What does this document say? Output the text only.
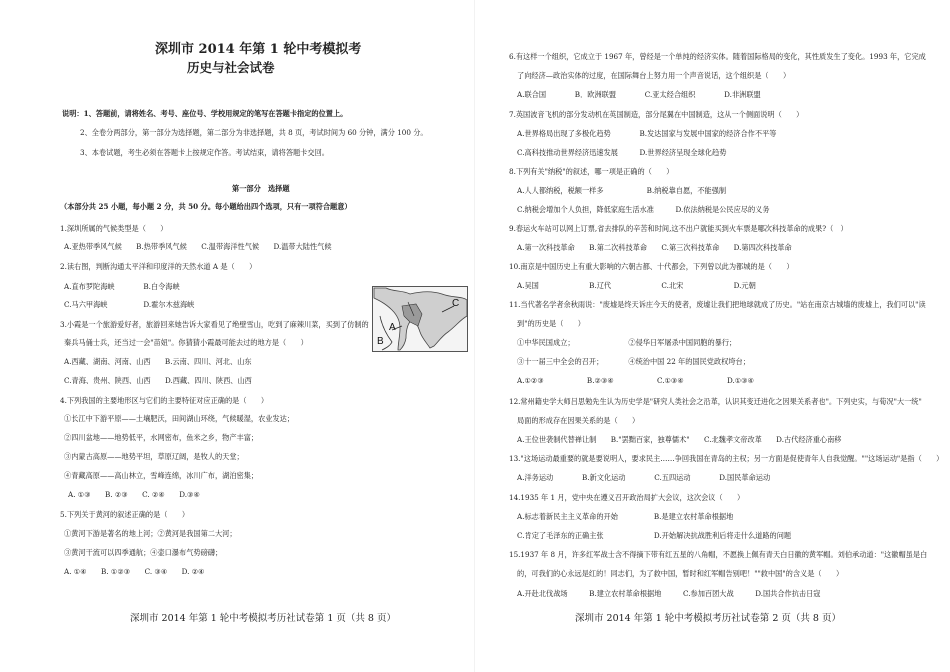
深圳市 2014 年第 1 轮中考模拟考
历史与社会试卷
说明：1、答题前，请将姓名、考号、座位号、学校用规定的笔写在答题卡指定的位置上。
2、全卷分两部分，第一部分为选择题，第二部分为非选择题，共 8 页，考试时间为 60 分钟，满分 100 分。
3、本卷试题，考生必须在答题卡上按规定作答。考试结束，请将答题卡交回。
第一部分　选择题
（本部分共 25 小题，每小题 2 分，共 50 分。每小题给出四个选项，只有一项符合题意）
1.深圳所属的气候类型是（　　）
A.亚热带季风气候　　B.热带季风气候　　C.温带海洋性气候　　D.温带大陆性气候
2.读右图，判断沟通太平洋和印度洋的天然水道 A 是（　　）
A.直布罗陀海峡　　　　B.白令海峡
C.马六甲海峡　　　　　D.霍尔木兹海峡
3.小霞是一个旅游爱好者，旅游回来她告诉大家看见了绝壁雪山，吃到了麻辣川菜，买到了仿制的
秦兵马俑士兵，还当过一会"苗妞"。你猜猜小霞最可能去过的地方是（　　）
A.西藏、湖南、河南、山西　　B.云南、四川、河北、山东
C.青海、贵州、陕西、山西　　D.西藏、四川、陕西、山西
4.下列我国的主要地形区与它们的主要特征对应正确的是（　　）
①长江中下游平原——土壤肥沃，田间湖山环绕，气候暖湿，农业发达；
②四川盆地——地势低平，水网密布，鱼米之乡，物产丰富；
③内蒙古高原——地势平坦，草原辽阔，是牧人的天堂；
④青藏高原——高山林立，雪峰连绵，冰川广布，湖泊密集；
A. ①③　　B. ②③　　C. ②④　　D.③④
5.下列关于黄河的叙述正确的是（　　）
①黄河下游是著名的地上河；②黄河是我国第二大河；
③黄河干流可以四季通航；④壶口瀑布气势磅礴；
A. ①④　　B. ①②③　　C. ③④　　D. ②④
深圳市 2014 年第 1 轮中考模拟考历社试卷第 1 页（共 8 页）
A
B
C
6.有这样一个组织，它成立于 1967 年，曾经是一个单纯的经济实体。随着国际格局的变化，其性质发生了变化。1993 年，它完成
了向经济—政治实体的过度，在国际舞台上努力用一个声音说话，这个组织是（　　）
A.联合国　　　　B．欧洲联盟　　　　C.亚太经合组织　　　　D.非洲联盟
7.英国波音飞机的部分发动机在英国制造，部分尾翼在中国制造，这从一个侧面说明（　　）
A.世界格局出现了多极化趋势　　　　B.发达国家与发展中国家的经济合作不平等
C.高科技推动世界经济迅速发展　　　D.世界经济呈现全球化趋势
8.下列有关"纳税"的叙述，哪一项是正确的（　　）
A.人人都纳税，税额一样多　　　　　　B.纳税靠自愿，不能强制
C.纳税会增加个人负担，降低家庭生活水准　　　D.依法纳税是公民应尽的义务
9.春运火车站可以网上订票,省去排队的辛苦和时间,这不出户就能买到火车票是哪次科技革命的成果?（　）
A.第一次科技革命　　B.第二次科技革命　　C.第三次科技革命　　D.第四次科技革命
10.南京是中国历史上有重大影响的六朝古都、十代都会，下列曾以此为都城的是（　　）
A.吴国　　　　　　　B.辽代　　　　　　　C.北宋　　　　　　　D.元朝
11.当代著名学者余秋雨说："废墟是终天诉庄今天的使者，废墟让我们把地球就成了历史。"站在南京古城墙的废墟上，我们可以"读
到"的历史是（　　）
①中华民国成立；　　　　　　　　②侵华日军屠杀中国同胞的暴行；
③十一届三中全会的召开；　　　　④统治中国 22 年的国民党政权垮台；
A.①②③　　　　　　B.②③④　　　　　　C.①③④　　　　　　D.①③④
12.常州籍史学大师吕思勉先生认为历史学是"研究人类社会之沿革，认识其变迁进化之因果关系者也"。下列史实，与荀况"大一统"
局面的形成存在因果关系的是（　　）
A.王位世袭制代替禅让制　　B."罢黜百家，独尊儒术"　　C.北魏孝文帝改革　　D.古代经济重心南移
13."这场运动最重要的就是要说明人，要求民主……争回我国在青岛的主权；另一方面是促使青年人自我觉醒。""这场运动"是指（　　）
A.洋务运动　　　　B.新文化运动　　　　C.五四运动　　　　D.国民革命运动
14.1935 年 1 月，党中央在遵义召开政治局扩大会议，这次会议（　　）
A.标志着新民主主义革命的开始　　　　　B.是建立农村革命根据地
C.肯定了毛泽东的正确主张　　　　　　　D.开始解决抗战胜利后将走什么道路的问题
15.1937 年 8 月，许多红军战士含不得摘下带有红五星的八角帽，不愿换上佩有青天白日徽的黄军帽。刘伯承动道："这徽帽虽是白
的，可我们的心永远是红的！同志们，为了救中国，暂时和红军帽告别吧！""救中国"的含义是（　　）
A.开赴北伐战场　　　B.建立农村革命根据地　　　C.参加百团大战　　　D.国共合作抗击日寇
深圳市 2014 年第 1 轮中考模拟考历社试卷第 2 页（共 8 页）
